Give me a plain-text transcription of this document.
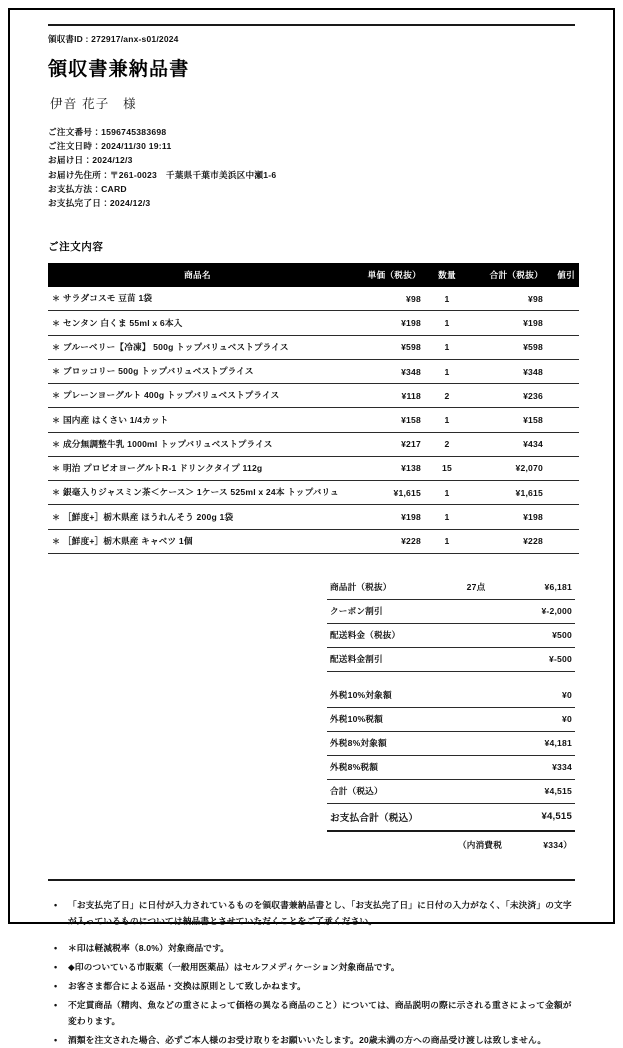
領収書ID : 272917/anx-s01/2024
領収書兼納品書
伊音 花子　様
ご注文番号：1596745383698
ご注文日時：2024/11/30 19:11
お届け日：2024/12/3
お届け先住所：〒261-0023　千葉県千葉市美浜区中瀬1-6
お支払方法：CARD
お支払完了日：2024/12/3
ご注文内容
商品名	単価（税抜）	数量	合計（税抜）	値引
＊ サラダコスモ 豆苗 1袋	¥98	1	¥98	
＊ センタン 白くま 55ml x 6本入	¥198	1	¥198	
＊ ブルーベリー【冷凍】 500g トップバリュベストプライス	¥598	1	¥598	
＊ ブロッコリー 500g トップバリュベストプライス	¥348	1	¥348	
＊ プレーンヨーグルト 400g トップバリュベストプライス	¥118	2	¥236	
＊ 国内産 はくさい 1/4カット	¥158	1	¥158	
＊ 成分無調整牛乳 1000ml トップバリュベストプライス	¥217	2	¥434	
＊ 明治 プロビオヨーグルトR-1 ドリンクタイプ 112g	¥138	15	¥2,070	
＊ 銀毫入りジャスミン茶＜ケース＞ 1ケース 525ml x 24本 トップバリュ	¥1,615	1	¥1,615	
＊ ［鮮度+］栃木県産 ほうれんそう 200g 1袋	¥198	1	¥198	
＊ ［鮮度+］栃木県産 キャベツ 1個	¥228	1	¥228	
商品計（税抜）	27点	¥6,181
クーポン割引		¥-2,000
配送料金（税抜）		¥500
配送料金割引		¥-500

外税10%対象額		¥0
外税10%税額		¥0
外税8%対象額		¥4,181
外税8%税額		¥334
合計（税込）		¥4,515
お支払合計（税込）		¥4,515
	（内消費税	¥334）
• 「お支払完了日」に日付が入力されているものを領収書兼納品書とし、「お支払完了日」に日付の入力がなく、「未決済」の文字が入っているものについては納品書とさせていただくことをご了承ください。
• ＊印は軽減税率（8.0%）対象商品です。
• ◆印のついている市販薬（一般用医薬品）はセルフメディケーション対象商品です。
• お客さま都合による返品・交換は原則として致しかねます。
• 不定貫商品（精肉、魚などの重さによって価格の異なる商品のこと）については、商品説明の際に示される重さによって金額が変わります。
• 酒類を注文された場合、必ずご本人様のお受け取りをお願いいたします。20歳未満の方への商品受け渡しは致しません。
